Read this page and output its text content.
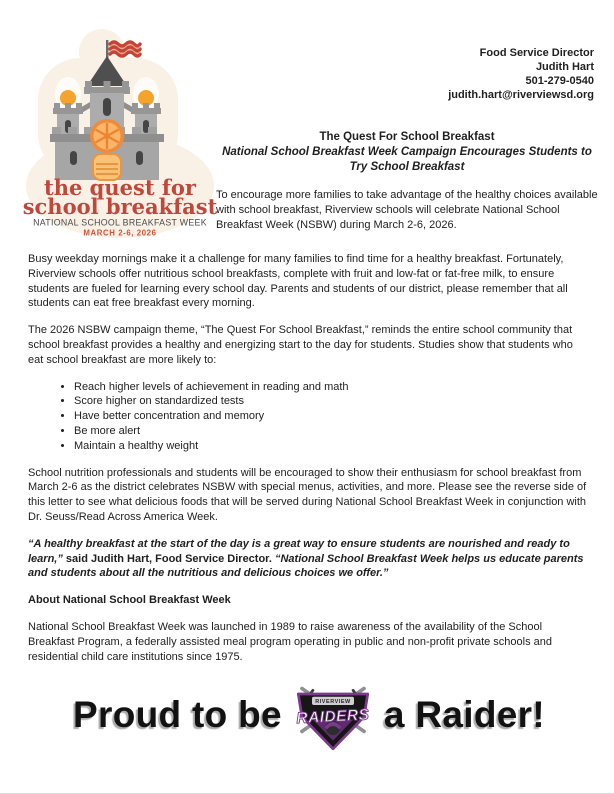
Food Service Director
Judith Hart
501-279-0540
judith.hart@riverviewsd.org
the quest for
school breakfast
NATIONAL SCHOOL BREAKFAST WEEK
MARCH 2-6, 2026
The Quest For School Breakfast
National School Breakfast Week Campaign Encourages Students to Try School Breakfast
To encourage more families to take advantage of the healthy choices available with school breakfast, Riverview schools will celebrate National School Breakfast Week (NSBW) during March 2-6, 2026.

Busy weekday mornings make it a challenge for many families to find time for a healthy breakfast. Fortunately, Riverview schools offer nutritious school breakfasts, complete with fruit and low-fat or fat-free milk, to ensure students are fueled for learning every school day. Parents and students of our district, please remember that all students can eat free breakfast every morning.

The 2026 NSBW campaign theme, “The Quest For School Breakfast,” reminds the entire school community that school breakfast provides a healthy and energizing start to the day for students. Studies show that students who eat school breakfast are more likely to:

• Reach higher levels of achievement in reading and math
• Score higher on standardized tests
• Have better concentration and memory
• Be more alert
• Maintain a healthy weight

School nutrition professionals and students will be encouraged to show their enthusiasm for school breakfast from March 2-6 as the district celebrates NSBW with special menus, activities, and more. Please see the reverse side of this letter to see what delicious foods that will be served during National School Breakfast Week in conjunction with Dr. Seuss/Read Across America Week.

“A healthy breakfast at the start of the day is a great way to ensure students are nourished and ready to learn,” said Judith Hart, Food Service Director. “National School Breakfast Week helps us educate parents and students about all the nutritious and delicious choices we offer.”

About National School Breakfast Week

National School Breakfast Week was launched in 1989 to raise awareness of the availability of the School Breakfast Program, a federally assisted meal program operating in public and non-profit private schools and residential child care institutions since 1975.

Proud to be	RIVERVIEW
RAIDERS a Raider!
